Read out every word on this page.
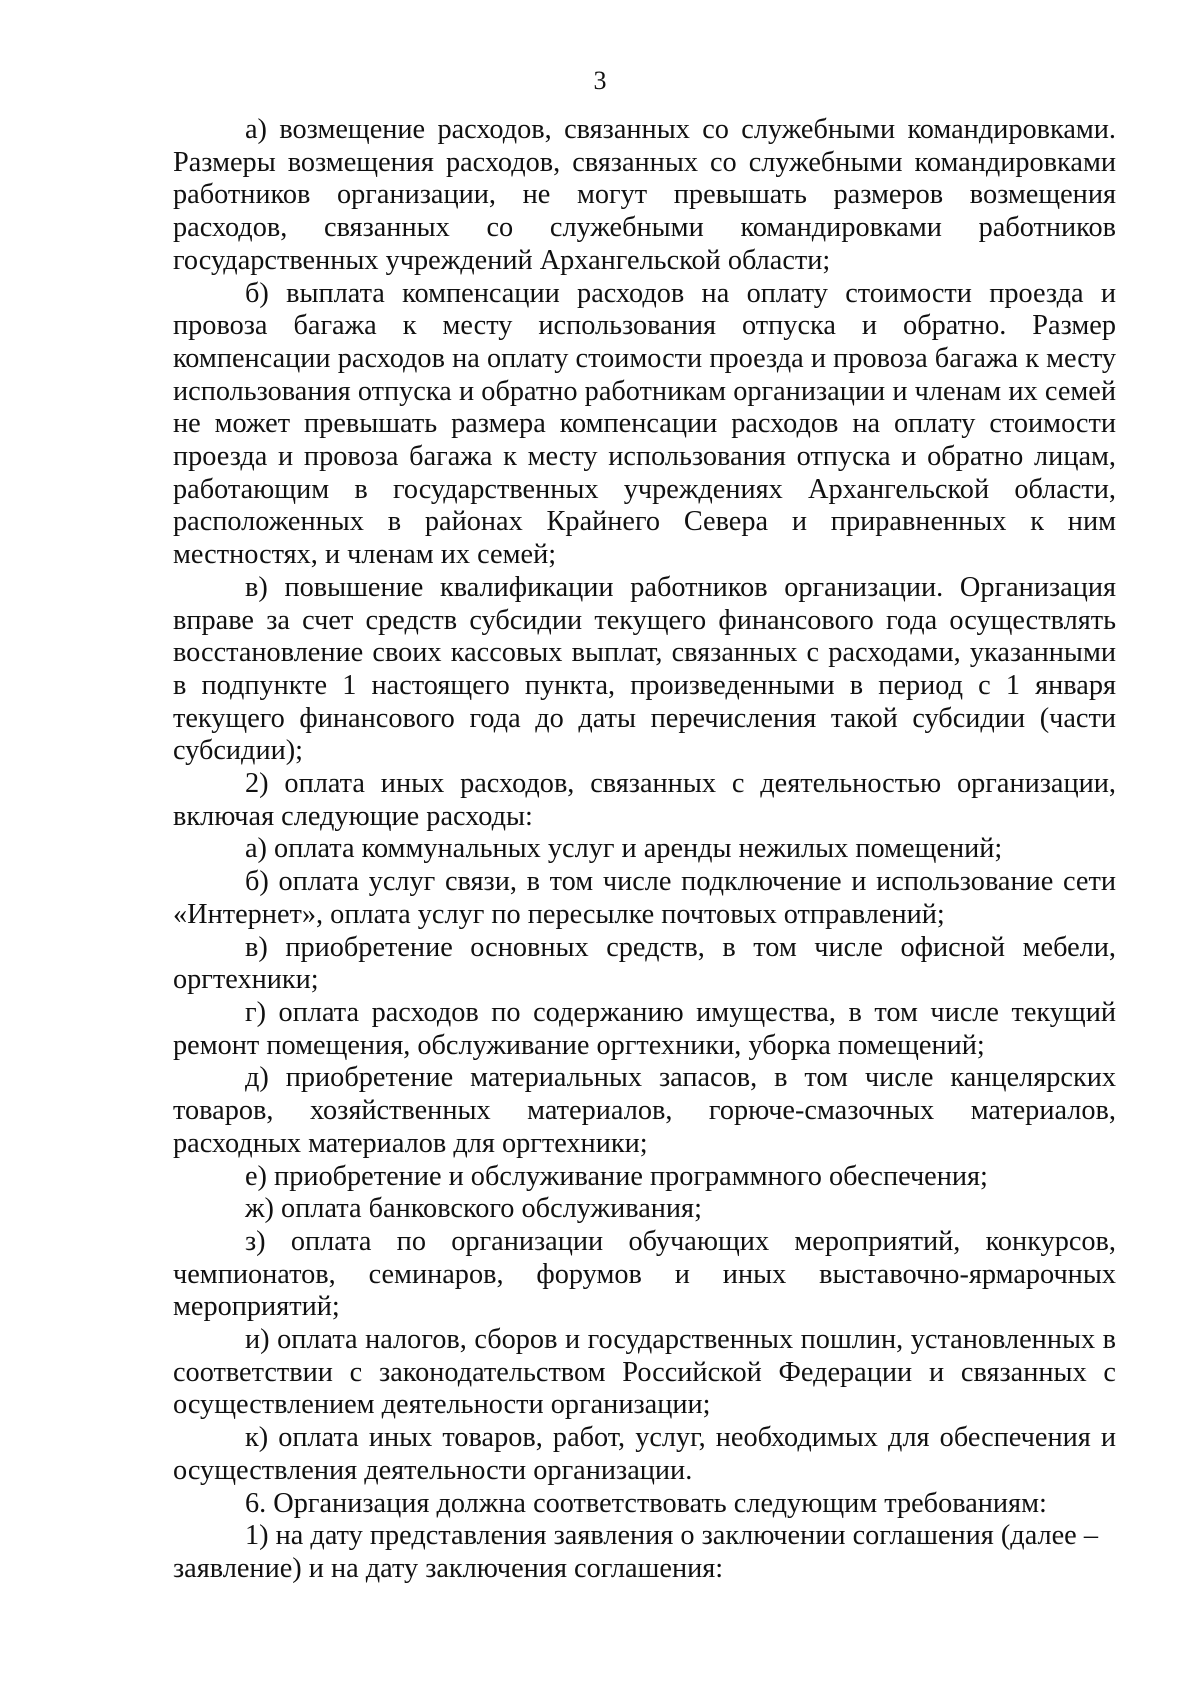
3

а) возмещение расходов, связанных со служебными командировками. Размеры возмещения расходов, связанных со служебными командировками работников организации, не могут превышать размеров возмещения расходов, связанных со служебными командировками работников государственных учреждений Архангельской области;

б) выплата компенсации расходов на оплату стоимости проезда и провоза багажа к месту использования отпуска и обратно. Размер компенсации расходов на оплату стоимости проезда и провоза багажа к месту использования отпуска и обратно работникам организации и членам их семей не может превышать размера компенсации расходов на оплату стоимости проезда и провоза багажа к месту использования отпуска и обратно лицам, работающим в государственных учреждениях Архангельской области, расположенных в районах Крайнего Севера и приравненных к ним местностях, и членам их семей;

в) повышение квалификации работников организации. Организация вправе за счет средств субсидии текущего финансового года осуществлять восстановление своих кассовых выплат, связанных с расходами, указанными в подпункте 1 настоящего пункта, произведенными в период с 1 января текущего финансового года до даты перечисления такой субсидии (части субсидии);

2) оплата иных расходов, связанных с деятельностью организации, включая следующие расходы:

а) оплата коммунальных услуг и аренды нежилых помещений;

б) оплата услуг связи, в том числе подключение и использование сети «Интернет», оплата услуг по пересылке почтовых отправлений;

в) приобретение основных средств, в том числе офисной мебели, оргтехники;

г) оплата расходов по содержанию имущества, в том числе текущий ремонт помещения, обслуживание оргтехники, уборка помещений;

д) приобретение материальных запасов, в том числе канцелярских товаров, хозяйственных материалов, горюче-смазочных материалов, расходных материалов для оргтехники;

е) приобретение и обслуживание программного обеспечения;

ж) оплата банковского обслуживания;

з) оплата по организации обучающих мероприятий, конкурсов, чемпионатов, семинаров, форумов и иных выставочно-ярмарочных мероприятий;

и) оплата налогов, сборов и государственных пошлин, установленных в соответствии с законодательством Российской Федерации и связанных с осуществлением деятельности организации;

к) оплата иных товаров, работ, услуг, необходимых для обеспечения и осуществления деятельности организации.

6. Организация должна соответствовать следующим требованиям:

1) на дату представления заявления о заключении соглашения (далее – заявление) и на дату заключения соглашения:
